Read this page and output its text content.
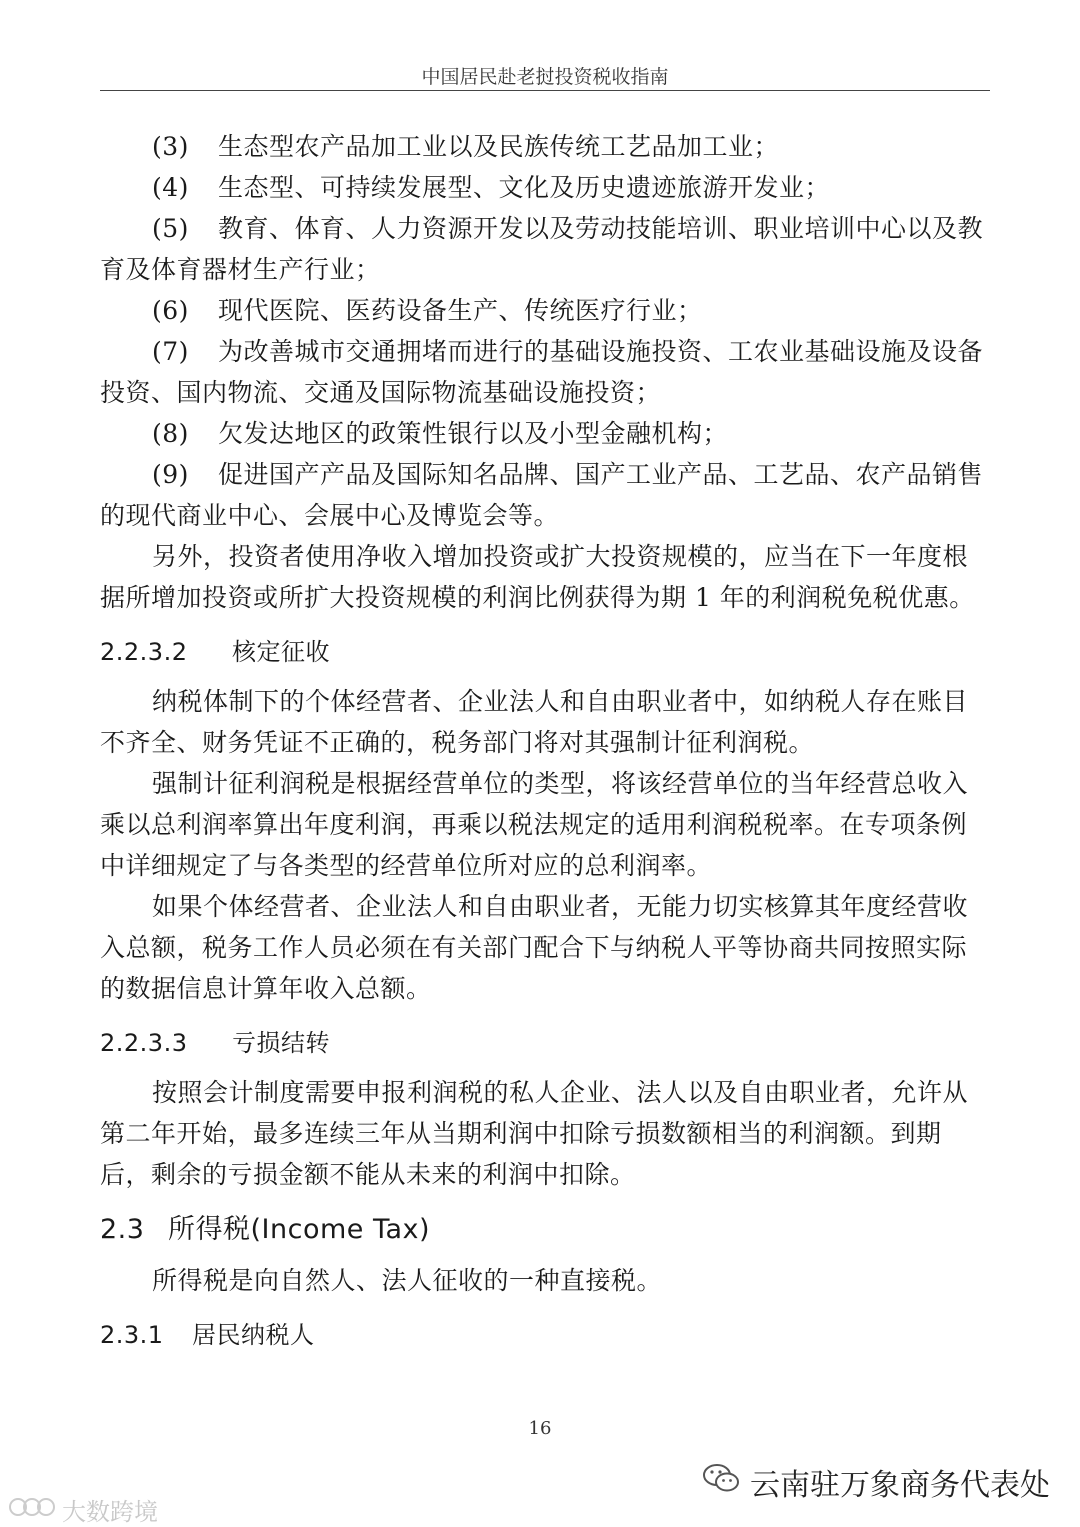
中国居民赴老挝投资税收指南
(3)	生态型农产品加工业以及民族传统工艺品加工业；
(4)	生态型、可持续发展型、文化及历史遗迹旅游开发业；
(5)	教育、体育、人力资源开发以及劳动技能培训、职业培训中心以及教

育及体育器材生产行业；

(6)	现代医院、医药设备生产、传统医疗行业；
(7)	为改善城市交通拥堵而进行的基础设施投资、工农业基础设施及设备

投资、国内物流、交通及国际物流基础设施投资；

(8)	欠发达地区的政策性银行以及小型金融机构；
(9)	促进国产产品及国际知名品牌、国产工业产品、工艺品、农产品销售

的现代商业中心、会展中心及博览会等。

另外，投资者使用净收入增加投资或扩大投资规模的，应当在下一年度根据所增加投资或所扩大投资规模的利润比例获得为期 1 年的利润税免税优惠。

2.2.3.2	核定征收

纳税体制下的个体经营者、企业法人和自由职业者中，如纳税人存在账目不齐全、财务凭证不正确的，税务部门将对其强制计征利润税。

强制计征利润税是根据经营单位的类型，将该经营单位的当年经营总收入乘以总利润率算出年度利润，再乘以税法规定的适用利润税税率。在专项条例中详细规定了与各类型的经营单位所对应的总利润率。

如果个体经营者、企业法人和自由职业者，无能力切实核算其年度经营收入总额，税务工作人员必须在有关部门配合下与纳税人平等协商共同按照实际的数据信息计算年收入总额。

2.2.3.3	亏损结转

按照会计制度需要申报利润税的私人企业、法人以及自由职业者，允许从第二年开始，最多连续三年从当期利润中扣除亏损数额相当的利润额。到期后，剩余的亏损金额不能从未来的利润中扣除。

2.3 所得税(Income Tax)

所得税是向自然人、法人征收的一种直接税。

2.3.1	居民纳税人
16
云南驻万象商务代表处
大数跨境
